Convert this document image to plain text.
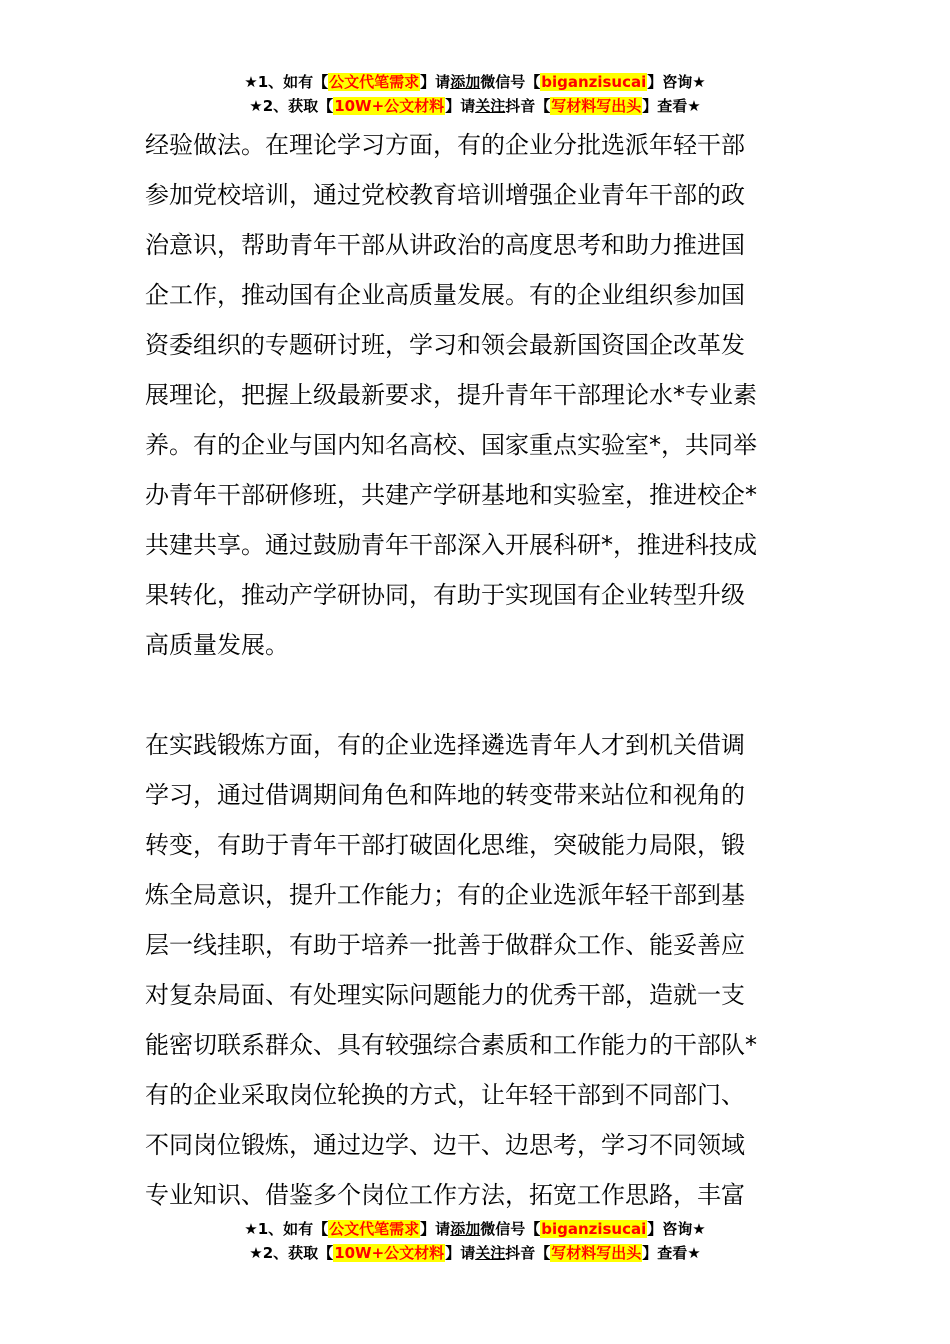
★1、如有【公文代笔需求】请添加微信号【biganzisucai】咨询★
★2、获取【10W+公文材料】请关注抖音【写材料写出头】查看★
经验做法。在理论学习方面，有的企业分批选派年轻干部
参加党校培训，通过党校教育培训增强企业青年干部的政
治意识，帮助青年干部从讲政治的高度思考和助力推进国
企工作，推动国有企业高质量发展。有的企业组织参加国
资委组织的专题研讨班，学习和领会最新国资国企改革发
展理论，把握上级最新要求，提升青年干部理论水*专业素
养。有的企业与国内知名高校、国家重点实验室*，共同举
办青年干部研修班，共建产学研基地和实验室，推进校企*
共建共享。通过鼓励青年干部深入开展科研*，推进科技成
果转化，推动产学研协同，有助于实现国有企业转型升级
高质量发展。
在实践锻炼方面，有的企业选择遴选青年人才到机关借调
学习，通过借调期间角色和阵地的转变带来站位和视角的
转变，有助于青年干部打破固化思维，突破能力局限，锻
炼全局意识，提升工作能力；有的企业选派年轻干部到基
层一线挂职，有助于培养一批善于做群众工作、能妥善应
对复杂局面、有处理实际问题能力的优秀干部，造就一支
能密切联系群众、具有较强综合素质和工作能力的干部队*
有的企业采取岗位轮换的方式，让年轻干部到不同部门、
不同岗位锻炼，通过边学、边干、边思考，学习不同领域
专业知识、借鉴多个岗位工作方法，拓宽工作思路，丰富
★1、如有【公文代笔需求】请添加微信号【biganzisucai】咨询★
★2、获取【10W+公文材料】请关注抖音【写材料写出头】查看★
